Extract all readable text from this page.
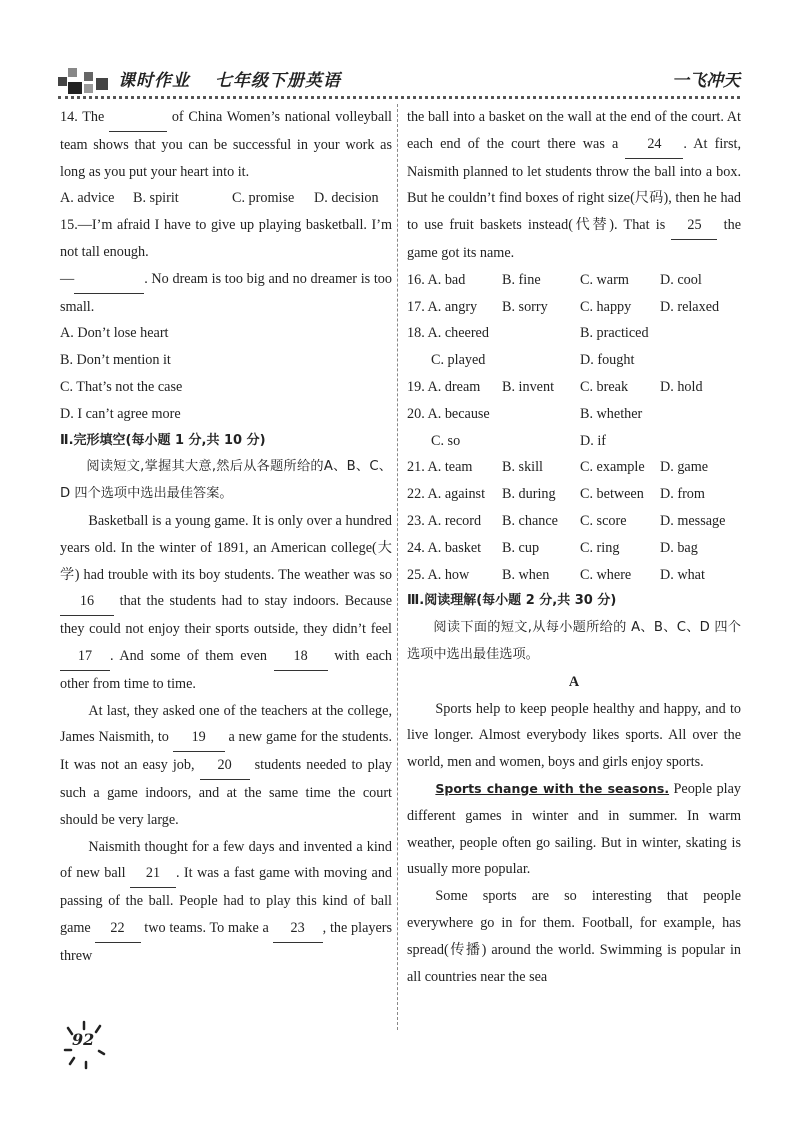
课时作业 七年级下册英语	一飞冲天

14. The	of China Women’s national volleyball team shows that you can be successful in your work as long as you put your heart into it.

A. advice B. spirit	C. promise D. decision

15.—I’m afraid I have to give up playing basketball. I’m not tall enough.
—	. No dream is too big and no dreamer is too small.

A. Don’t lose heart
B. Don’t mention it
C. That’s not the case
D. I can’t agree more

Ⅱ.完形填空(每小题 1 分,共 10 分)

阅读短文,掌握其大意,然后从各题所给的A、B、C、D 四个选项中选出最佳答案。

Basketball is a young game. It is only over a hundred years old. In the winter of 1891, an American college(大学) had trouble with its boy students. The weather was so 16 that the students had to stay indoors. Because they could not enjoy their sports outside, they didn’t feel 17 . And some of them even 18 with each other from time to time.

At last, they asked one of the teachers at the college, James Naismith, to 19 a new game for the students. It was not an easy job, 20 students needed to play such a game indoors, and at the same time the court should be very large.

Naismith thought for a few days and invented a kind of new ball 21 . It was a fast game with moving and passing of the ball. People had to play this kind of ball game 22 two teams. To make a 23 , the players threw

the ball into a basket on the wall at the end of the court. At each end of the court there was a 24 . At first, Naismith planned to let students throw the ball into a box. But he couldn’t find boxes of right size(尺码), then he had to use fruit baskets instead(代替). That is 25 the game got its name.

16. A. bad	B. fine	C. warm D. cool
17. A. angry B. sorry C. happy D. relaxed
18. A. cheered	B. practiced
C. played	D. fought
19. A. dream B. invent C. break D. hold
20. A. because	B. whether
C. so	D. if
21. A. team B. skill	C. example D. game
22. A. against B. during C. between D. from
23. A. record B. chance C. score D. message
24. A. basket B. cup	C. ring	D. bag
25. A. how B. when C. where D. what

Ⅲ.阅读理解(每小题 2 分,共 30 分)

阅读下面的短文,从每小题所给的 A、B、C、D 四个选项中选出最佳选项。

A

Sports help to keep people healthy and happy, and to live longer. Almost everybody likes sports. All over the world, men and women, boys and girls enjoy sports.

Sports change with the seasons. People play different games in winter and in summer. In warm weather, people often go sailing. But in winter, skating is usually more popular.

Some sports are so interesting that people everywhere go in for them. Football, for example, has spread(传播) around the world. Swimming is popular in all countries near the sea

92
